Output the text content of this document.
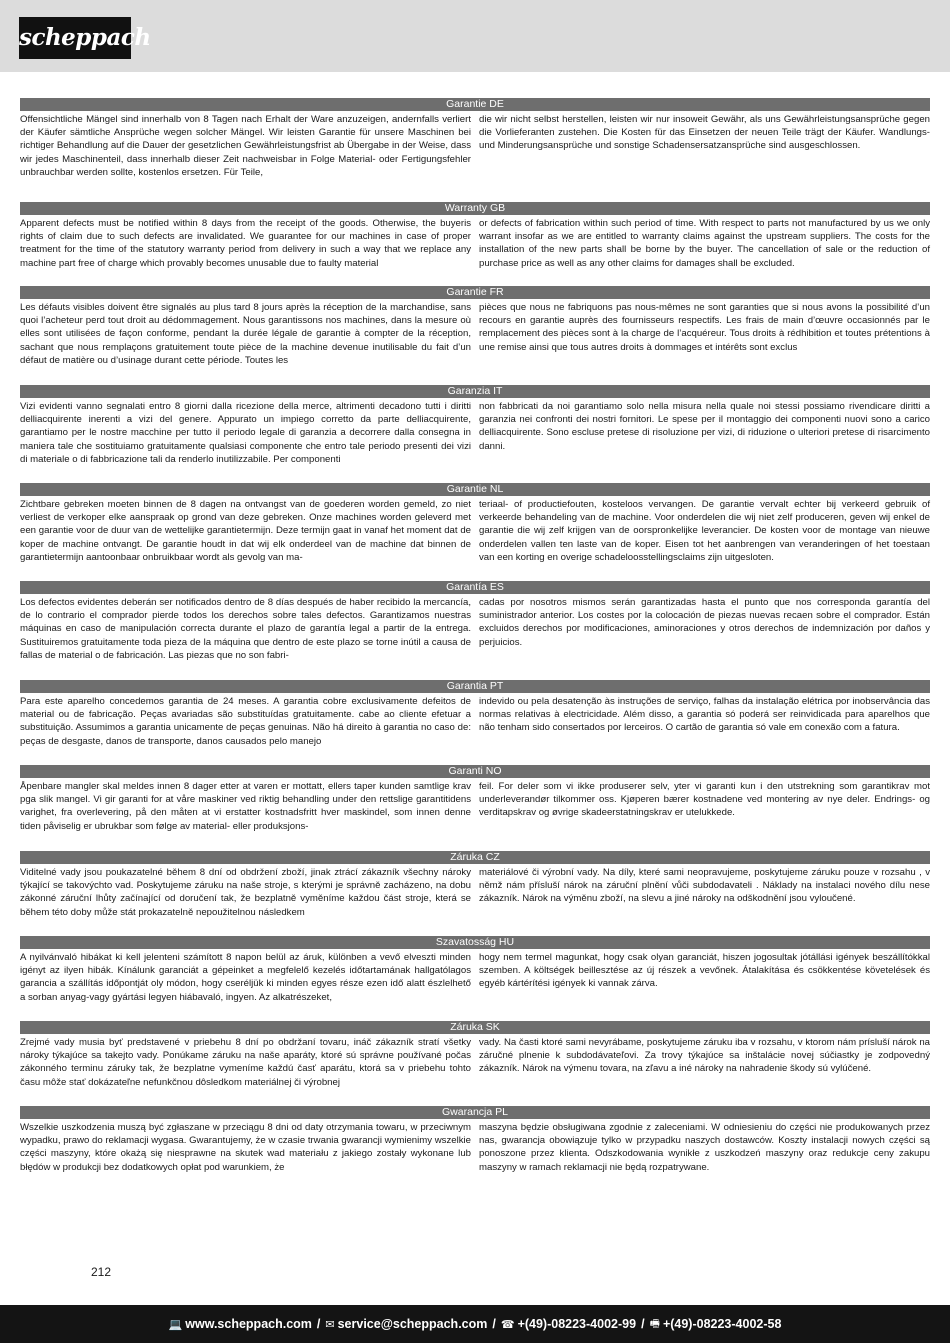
scheppach
Garantie DE
Offensichtliche Mängel sind innerhalb von 8 Tagen nach Erhalt der Ware anzuzeigen, andernfalls verliert der Käufer sämtliche Ansprüche wegen solcher Mängel. Wir leisten Garantie für unsere Maschinen bei richtiger Behandlung auf die Dauer der gesetzlichen Gewährleistungsfrist ab Übergabe in der Weise, dass wir jedes Maschinenteil, dass innerhalb dieser Zeit nachweisbar in Folge Material- oder Fertigungsfehler unbrauchbar werden sollte, kostenlos ersetzen. Für Teile,
die wir nicht selbst herstellen, leisten wir nur insoweit Gewähr, als uns Gewährleistungsansprüche gegen die Vorlieferanten zustehen. Die Kosten für das Einsetzen der neuen Teile trägt der Käufer. Wandlungs- und Minderungsansprüche und sonstige Schadensersatzansprüche sind ausgeschlossen.
Warranty GB
Apparent defects must be notified within 8 days from the receipt of the goods. Otherwise, the buyeris rights of claim due to such defects are invalidated. We guarantee for our machines in case of proper treatment for the time of the statutory warranty period from delivery in such a way that we replace any machine part free of charge which provably becomes unusable due to faulty material
or defects of fabrication within such period of time. With respect to parts not manufactured by us we only warrant insofar as we are entitled to warranty claims against the upstream suppliers. The costs for the installation of the new parts shall be borne by the buyer. The cancellation of sale or the reduction of purchase price as well as any other claims for damages shall be excluded.
Garantie FR
Les défauts visibles doivent être signalés au plus tard 8 jours après la réception de la marchandise, sans quoi l’acheteur perd tout droit au dédommagement. Nous garantissons nos machines, dans la mesure où elles sont utilisées de façon conforme, pendant la durée légale de garantie à compter de la réception, sachant que nous remplaçons gratuitement toute pièce de la machine devenue inutilisable du fait d’un défaut de matière ou d’usinage durant cette période. Toutes les
pièces que nous ne fabriquons pas nous-mêmes ne sont garanties que si nous avons la possibilité d’un recours en garantie auprès des fournisseurs respectifs. Les frais de main d’œuvre occasionnés par le remplacement des pièces sont à la charge de l’acquéreur. Tous droits à rédhibition et toutes prétentions à une remise ainsi que tous autres droits à dommages et intérêts sont exclus
Garanzia IT
Vizi evidenti vanno segnalati entro 8 giorni dalla ricezione della merce, altrimenti decadono tutti i diritti delliacquirente inerenti a vizi del genere. Appurato un impiego corretto da parte delliacquirente, garantiamo per le nostre macchine per tutto il periodo legale di garanzia a decorrere dalla consegna in maniera tale che sostituiamo gratuitamente qualsiasi componente che entro tale periodo presenti dei vizi di materiale o di fabbricazione tali da renderlo inutilizzabile. Per componenti
non fabbricati da noi garantiamo solo nella misura nella quale noi stessi possiamo rivendicare diritti a garanzia nei confronti dei nostri fornitori. Le spese per il montaggio dei componenti nuovi sono a carico delliacquirente. Sono escluse pretese di risoluzione per vizi, di riduzione o ulteriori pretese di risarcimento danni.
Garantie NL
Zichtbare gebreken moeten binnen de 8 dagen na ontvangst van de goederen worden gemeld, zo niet verliest de verkoper elke aanspraak op grond van deze gebreken. Onze machines worden geleverd met een garantie voor de duur van de wettelijke garantietermijn. Deze termijn gaat in vanaf het moment dat de koper de machine ontvangt. De garantie houdt in dat wij elk onderdeel van de machine dat binnen de garantietermijn aantoonbaar onbruikbaar wordt als gevolg van ma-
teriaal- of productiefouten, kosteloos vervangen. De garantie vervalt echter bij verkeerd gebruik of verkeerde behandeling van de machine. Voor onderdelen die wij niet zelf produceren, geven wij enkel de garantie die wij zelf krijgen van de oorspronkelijke leverancier. De kosten voor de montage van nieuwe onderdelen vallen ten laste van de koper. Eisen tot het aanbrengen van veranderingen of het toestaan van een korting en overige schadeloosstellingsclaims zijn uitgesloten.
Garantía ES
Los defectos evidentes deberán ser notificados dentro de 8 días después de haber recibido la mercancía, de lo contrario el comprador pierde todos los derechos sobre tales defectos. Garantizamos nuestras máquinas en caso de manipulación correcta durante el plazo de garantía legal a partir de la entrega. Sustituiremos gratuitamente toda pieza de la máquina que dentro de este plazo se torne inútil a causa de fallas de material o de fabricación. Las piezas que no son fabri-
cadas por nosotros mismos serán garantizadas hasta el punto que nos corresponda garantía del suministrador anterior. Los costes por la colocación de piezas nuevas recaen sobre el comprador. Están excluidos derechos por modificaciones, aminoraciones y otros derechos de indemnización por daños y perjuicios.
Garantia PT
Para este aparelho concedemos garantia de 24 meses. A garantia cobre exclusivamente defeitos de material ou de fabricação. Peças avariadas são substituídas gratuitamente. cabe ao cliente efetuar a substituição. Assumimos a garantia unicamente de peças genuinas. Não há direito à garantia no caso de: peças de desgaste, danos de transporte, danos causados pelo manejo
indevido ou pela desatenção às instruções de serviço, falhas da instalação elétrica por inobservância das normas relativas à electricidade. Além disso, a garantia só poderá ser reinvidicada para aparelhos que não tenham sido consertados por lerceiros. O cartão de garantia só vale em conexão com a fatura.
Garanti NO
Åpenbare mangler skal meldes innen 8 dager etter at varen er mottatt, ellers taper kunden samtlige krav pga slik mangel. Vi gir garanti for at våre maskiner ved riktig behandling under den rettslige garantitidens varighet, fra overlevering, på den måten at vi erstatter kostnadsfritt hver maskindel, som innen denne tiden påviselig er ubrukbar som følge av material- eller produksjons-
feil. For deler som vi ikke produserer selv, yter vi garanti kun i den utstrekning som garantikrav mot underleverandør tilkommer oss. Kjøperen bærer kostnadene ved montering av nye deler. Endrings- og verditapskrav og øvrige skadeerstatningskrav er utelukkede.
Záruka CZ
Viditelné vady jsou poukazatelné během 8 dní od obdržení zboží, jinak ztrácí zákazník všechny nároky týkající se takovýchto vad. Poskytujeme záruku na naše stroje, s kterými je správně zacházeno, na dobu zákonné záruční lhůty začínající od doručení tak, že bezplatně vyměníme každou část stroje, která se během této doby může stát prokazatelně nepoužitelnou následkem
materiálové či výrobní vady. Na díly, které sami neopravujeme, poskytujeme záruku pouze v rozsahu , v němž nám přísluší nárok na záruční plnění vůči subdodavateli . Náklady na instalaci nového dílu nese zákazník. Nárok na výměnu zboží, na slevu a jiné nároky na odškodnění jsou vyloučené.
Szavatosság HU
A nyilvánvaló hibákat ki kell jelenteni számított 8 napon belül az áruk, különben a vevő elveszti minden igényt az ilyen hibák. Kínálunk garanciát a gépeinket a megfelelő kezelés időtartamának hallgatólagos garancia a szállítás időpontját oly módon, hogy cseréljük ki minden egyes része ezen idő alatt észlelhető a sorban anyag-vagy gyártási legyen hiábavaló, ingyen. Az alkatrészeket,
hogy nem termel magunkat, hogy csak olyan garanciát, hiszen jogosultak jótállási igények beszállítókkal szemben. A költségek beillesztése az új részek a vevőnek. Átalakítása és csökkentése követelések és egyéb kártérítési igények ki vannak zárva.
Záruka SK
Zrejmé vady musia byť predstavené v priebehu 8 dní po obdržaní tovaru, ináč zákazník stratí všetky nároky týkajúce sa takejto vady. Ponúkame záruku na naše aparáty, ktoré sú správne používané počas zákonného terminu záruky tak, že bezplatne vymeníme každú časť aparátu, ktorá sa v priebehu tohto času môže stať dokázateľne nefunkčnou dôsledkom materiálnej či výrobnej
vady. Na časti ktoré sami nevyrábame, poskytujeme záruku iba v rozsahu, v ktorom nám prísluší nárok na záručné plnenie k subdodávateľovi. Za trovy týkajúce sa inštalácie novej súčiastky je zodpovedný zákazník. Nárok na výmenu tovara, na zľavu a iné nároky na nahradenie škody sú vylúčené.
Gwarancja PL
Wszelkie uszkodzenia muszą być zgłaszane w przeciągu 8 dni od daty otrzymania towaru, w przeciwnym wypadku, prawo do reklamacji wygasa. Gwarantujemy, że w czasie trwania gwarancji wymienimy wszelkie części maszyny, które okażą się niesprawne na skutek wad materiału z jakiego zostały wykonane lub błędów w produkcji bez dodatkowych opłat pod warunkiem, że
maszyna będzie obsługiwana zgodnie z zaleceniami. W odniesieniu do części nie produkowanych przez nas, gwarancja obowiązuje tylko w przypadku naszych dostawców. Koszty instalacji nowych części są ponoszone przez klienta. Odszkodowania wynikłe z uszkodzeń maszyny oraz redukcje ceny zakupu maszyny w ramach reklamacji nie będą rozpatrywane.
212
💻 www.scheppach.com / ✉ service@scheppach.com / ☎ +(49)-08223-4002-99 / 🖷 +(49)-08223-4002-58
